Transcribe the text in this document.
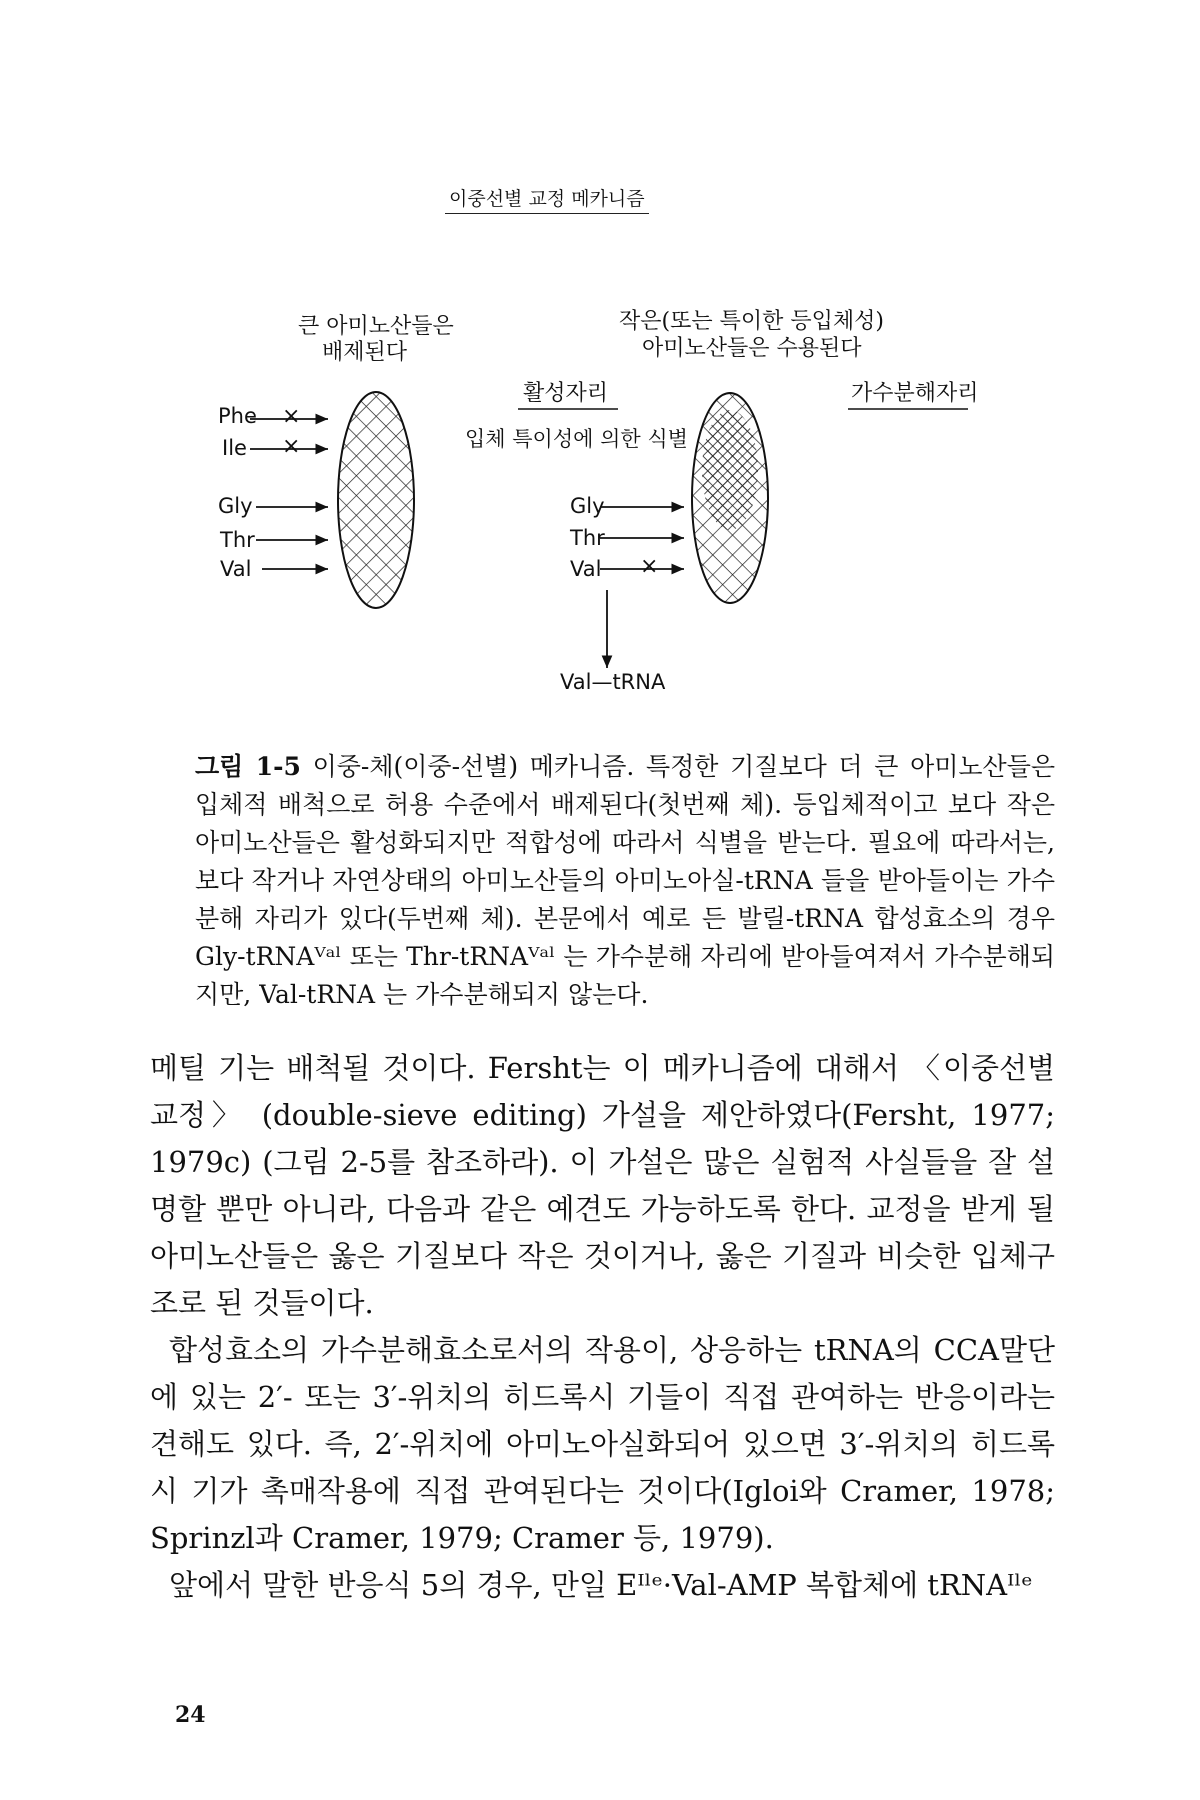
이중선별 교정 메카니즘
×
×
×
큰 아미노산들은
배제된다
작은(또는 특이한 등입체성)
아미노산들은 수용된다
활성자리
입체 특이성에 의한 식별
가수분해자리
Phe
Ile
Gly
Thr
Val
Gly
Thr
Val
Val—tRNA
그림 1-5 이중-체(이중-선별) 메카니즘. 특정한 기질보다 더 큰 아미노산들은 입체적 배척으로 허용 수준에서 배제된다(첫번째 체). 등입체적이고 보다 작은 아미노산들은 활성화되지만 적합성에 따라서 식별을 받는다. 필요에 따라서는, 보다 작거나 자연상태의 아미노산들의 아미노아실-tRNA 들을 받아들이는 가수분해 자리가 있다(두번째 체). 본문에서 예로 든 발릴-tRNA 합성효소의 경우 Gly-tRNAⱽᵃˡ 또는 Thr-tRNAⱽᵃˡ 는 가수분해 자리에 받아들여져서 가수분해되지만, Val-tRNA 는 가수분해되지 않는다.

메틸 기는 배척될 것이다. Fersht는 이 메카니즘에 대해서 〈이중선별 교정〉 (double-sieve editing) 가설을 제안하였다(Fersht, 1977; 1979c) (그림 2-5를 참조하라). 이 가설은 많은 실험적 사실들을 잘 설명할 뿐만 아니라, 다음과 같은 예견도 가능하도록 한다. 교정을 받게 될 아미노산들은 옳은 기질보다 작은 것이거나, 옳은 기질과 비슷한 입체구조로 된 것들이다.

합성효소의 가수분해효소로서의 작용이, 상응하는 tRNA의 CCA말단에 있는 2′- 또는 3′-위치의 히드록시 기들이 직접 관여하는 반응이라는 견해도 있다. 즉, 2′-위치에 아미노아실화되어 있으면 3′-위치의 히드록시 기가 촉매작용에 직접 관여된다는 것이다(Igloi와 Cramer, 1978; Sprinzl과 Cramer, 1979; Cramer 등, 1979).

앞에서 말한 반응식 5의 경우, 만일 Eᴵˡᵉ·Val-AMP 복합체에 tRNAᴵˡᵉ

24
